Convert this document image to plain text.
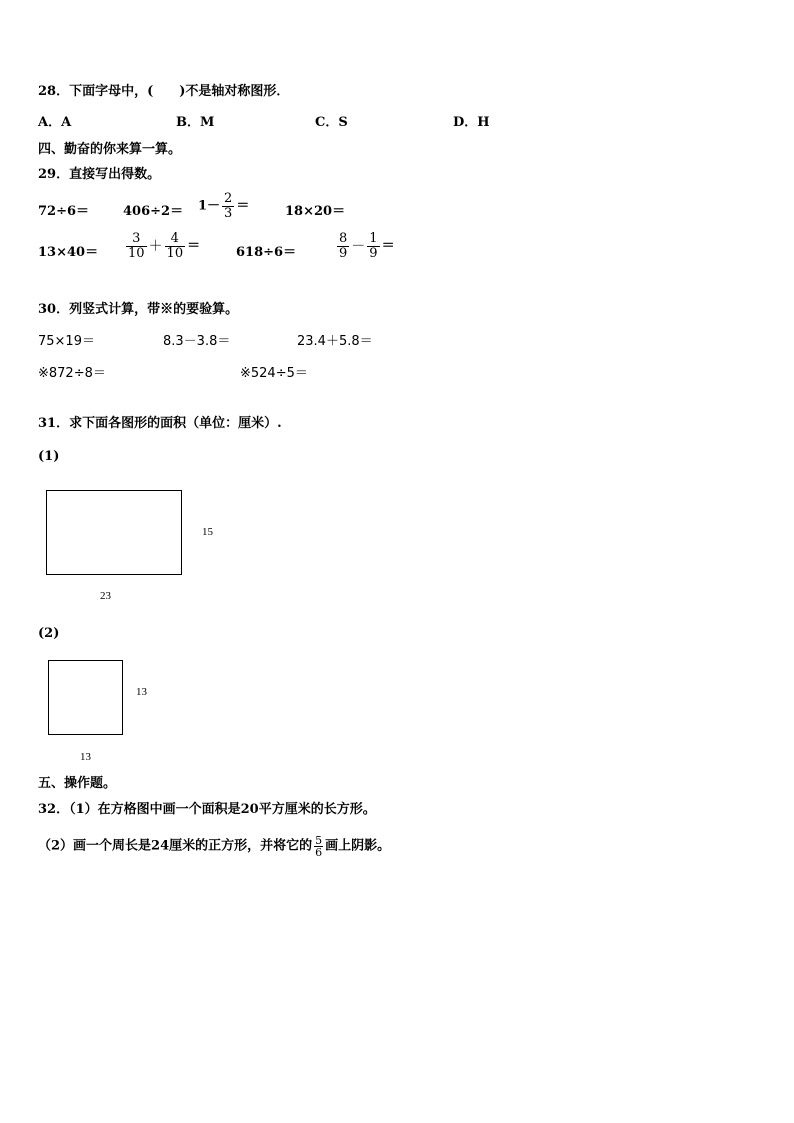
28．下面字母中，(　　)不是轴对称图形．
A．A	B．M	C．S	D．H
四、勤奋的你来算一算。
29．直接写出得数。
72÷6＝	$406\div 2= 1- \frac{2}{3}$ ＝	18×20＝
$13\times 40= \frac{3}{10} + \frac{4}{10}$ ＝	618÷6＝	$\frac{8}{9} - \frac{1}{9}$ ＝
30．列竖式计算，带※的要验算。
75×19＝	8.3－3.8＝	23.4＋5.8＝
※872÷8＝	※524÷5＝
31．求下面各图形的面积（单位：厘米）.
(1)
15
23
(2)
13
13
五、操作题。
32．（1）在方格图中画一个面积是20平方厘米的长方形。
（2）画一个周长是24厘米的正方形，并将它的 $\frac{5}{6}$ 画上阴影。
